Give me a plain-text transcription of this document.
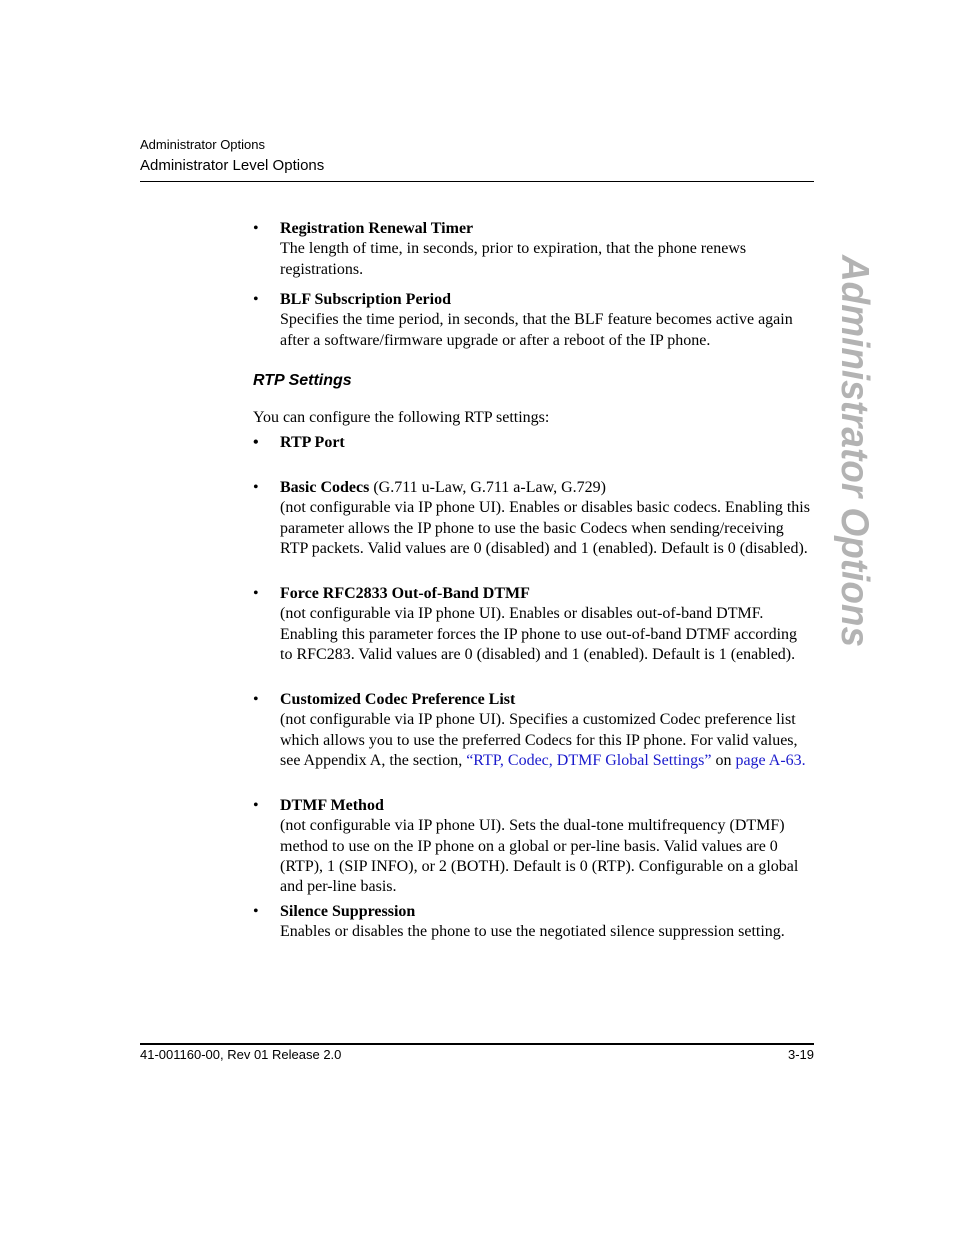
Administrator Options
Administrator Level Options
Administrator Options
•	Registration Renewal Timer
The length of time, in seconds, prior to expiration, that the phone renews registrations.
•	BLF Subscription Period
Specifies the time period, in seconds, that the BLF feature becomes active again after a software/firmware upgrade or after a reboot of the IP phone.
RTP Settings
You can configure the following RTP settings:
•	RTP Port
•	Basic Codecs (G.711 u-Law, G.711 a-Law, G.729)
(not configurable via IP phone UI). Enables or disables basic codecs. Enabling this parameter allows the IP phone to use the basic Codecs when sending/receiving RTP packets. Valid values are 0 (disabled) and 1 (enabled). Default is 0 (disabled).
•	Force RFC2833 Out-of-Band DTMF
(not configurable via IP phone UI). Enables or disables out-of-band DTMF. Enabling this parameter forces the IP phone to use out-of-band DTMF according to RFC283. Valid values are 0 (disabled) and 1 (enabled). Default is 1 (enabled).
•	Customized Codec Preference List
(not configurable via IP phone UI). Specifies a customized Codec preference list which allows you to use the preferred Codecs for this IP phone. For valid values, see Appendix A, the section, “RTP, Codec, DTMF Global Settings” on page A-63.
•	DTMF Method
(not configurable via IP phone UI). Sets the dual-tone multifrequency (DTMF) method to use on the IP phone on a global or per-line basis. Valid values are 0 (RTP), 1 (SIP INFO), or 2 (BOTH). Default is 0 (RTP). Configurable on a global and per-line basis.
•	Silence Suppression
Enables or disables the phone to use the negotiated silence suppression setting.
41-001160-00, Rev 01 Release 2.0	3-19
